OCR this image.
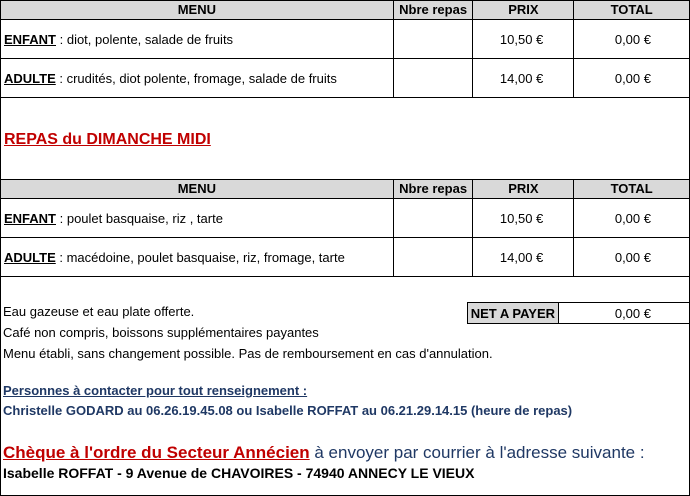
MENU	Nbre repas	PRIX	TOTAL
ENFANT : diot, polente, salade de fruits		10,50 €	0,00 €
ADULTE : crudités, diot polente, fromage, salade de fruits		14,00 €	0,00 €
REPAS du DIMANCHE MIDI
MENU	Nbre repas	PRIX	TOTAL
ENFANT : poulet basquaise, riz , tarte		10,50 €	0,00 €
ADULTE : macédoine, poulet basquaise, riz, fromage, tarte		14,00 €	0,00 €
Eau gazeuse et eau plate offerte.
Café non compris, boissons supplémentaires payantes
Menu établi, sans changement possible. Pas de remboursement en cas d'annulation.
NET A PAYER	0,00 €
Personnes à contacter pour tout renseignement :
Christelle GODARD au 06.26.19.45.08 ou Isabelle ROFFAT au 06.21.29.14.15 (heure de repas)
Chèque à l'ordre du Secteur Annécien à envoyer par courrier à l'adresse suivante :
Isabelle ROFFAT - 9 Avenue de CHAVOIRES - 74940 ANNECY LE VIEUX
